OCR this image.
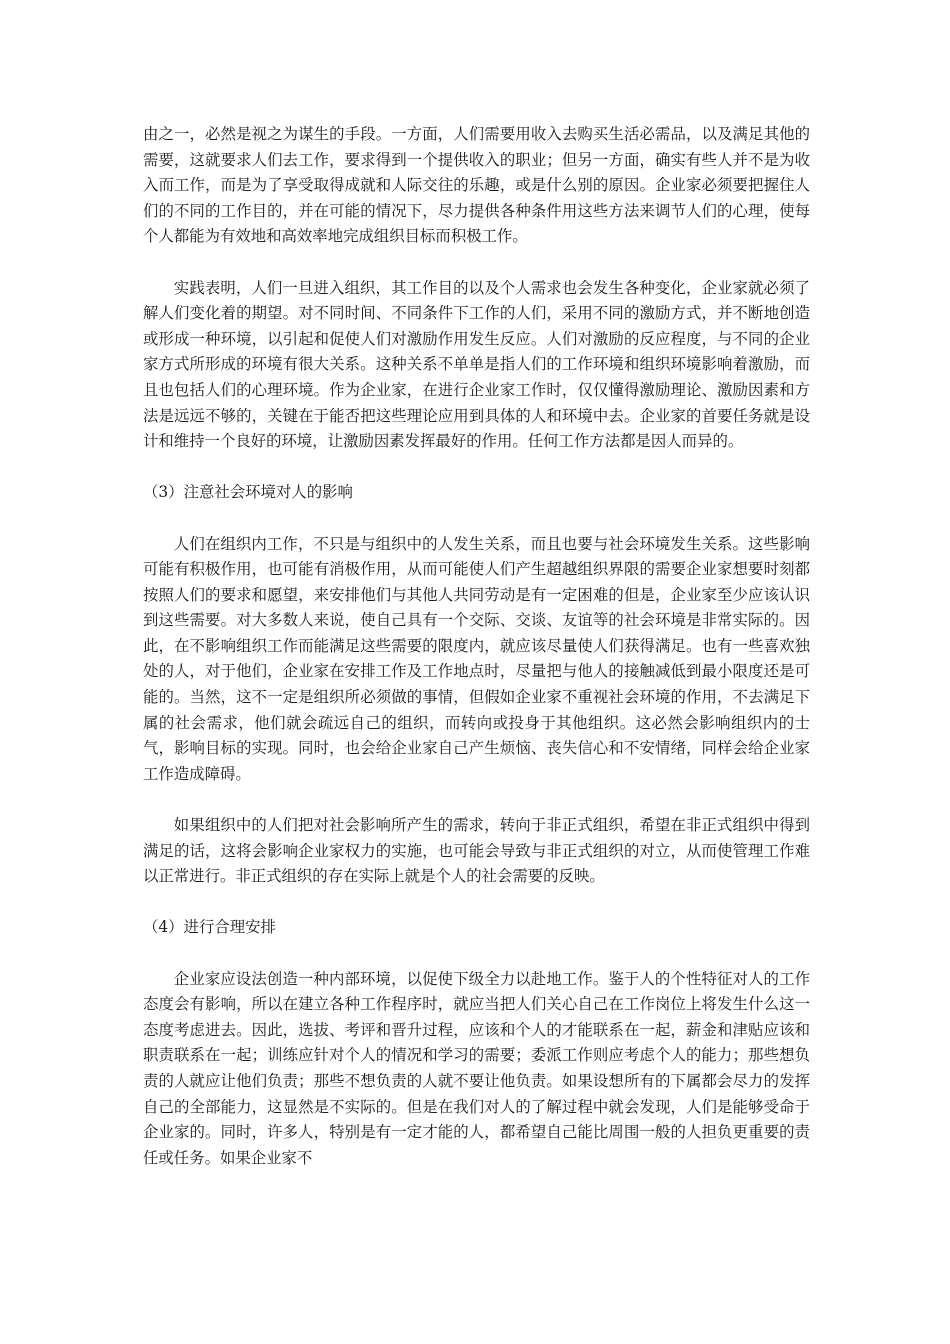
由之一，必然是视之为谋生的手段。一方面，人们需要用收入去购买生活必需品，以及满足其他的需要，这就要求人们去工作，要求得到一个提供收入的职业；但另一方面，确实有些人并不是为收入而工作，而是为了享受取得成就和人际交往的乐趣，或是什么别的原因。企业家必须要把握住人们的不同的工作目的，并在可能的情况下，尽力提供各种条件用这些方法来调节人们的心理，使每个人都能为有效地和高效率地完成组织目标而积极工作。

实践表明，人们一旦进入组织，其工作目的以及个人需求也会发生各种变化，企业家就必须了解人们变化着的期望。对不同时间、不同条件下工作的人们，采用不同的激励方式，并不断地创造或形成一种环境，以引起和促使人们对激励作用发生反应。人们对激励的反应程度，与不同的企业家方式所形成的环境有很大关系。这种关系不单单是指人们的工作环境和组织环境影响着激励，而且也包括人们的心理环境。作为企业家，在进行企业家工作时，仅仅懂得激励理论、激励因素和方法是远远不够的，关键在于能否把这些理论应用到具体的人和环境中去。企业家的首要任务就是设计和维持一个良好的环境，让激励因素发挥最好的作用。任何工作方法都是因人而异的。

（3）注意社会环境对人的影响

人们在组织内工作，不只是与组织中的人发生关系，而且也要与社会环境发生关系。这些影响可能有积极作用，也可能有消极作用，从而可能使人们产生超越组织界限的需要企业家想要时刻都按照人们的要求和愿望，来安排他们与其他人共同劳动是有一定困难的但是，企业家至少应该认识到这些需要。对大多数人来说，使自己具有一个交际、交谈、友谊等的社会环境是非常实际的。因此，在不影响组织工作而能满足这些需要的限度内，就应该尽量使人们获得满足。也有一些喜欢独处的人，对于他们，企业家在安排工作及工作地点时，尽量把与他人的接触减低到最小限度还是可能的。当然，这不一定是组织所必须做的事情，但假如企业家不重视社会环境的作用，不去满足下属的社会需求，他们就会疏远自己的组织，而转向或投身于其他组织。这必然会影响组织内的士气，影响目标的实现。同时，也会给企业家自己产生烦恼、丧失信心和不安情绪，同样会给企业家工作造成障碍。

如果组织中的人们把对社会影响所产生的需求，转向于非正式组织，希望在非正式组织中得到满足的话，这将会影响企业家权力的实施，也可能会导致与非正式组织的对立，从而使管理工作难以正常进行。非正式组织的存在实际上就是个人的社会需要的反映。

（4）进行合理安排

企业家应设法创造一种内部环境，以促使下级全力以赴地工作。鉴于人的个性特征对人的工作态度会有影响，所以在建立各种工作程序时，就应当把人们关心自己在工作岗位上将发生什么这一态度考虑进去。因此，选拔、考评和晋升过程，应该和个人的才能联系在一起，薪金和津贴应该和职责联系在一起；训练应针对个人的情况和学习的需要；委派工作则应考虑个人的能力；那些想负责的人就应让他们负责；那些不想负责的人就不要让他负责。如果设想所有的下属都会尽力的发挥自己的全部能力，这显然是不实际的。但是在我们对人的了解过程中就会发现，人们是能够受命于企业家的。同时，许多人，特别是有一定才能的人，都希望自己能比周围一般的人担负更重要的责任或任务。如果企业家不
